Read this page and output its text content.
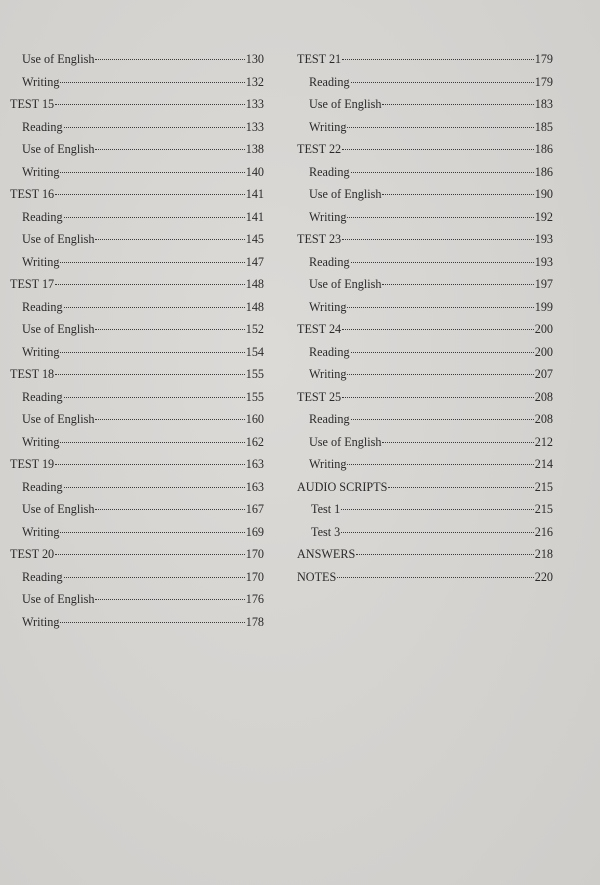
Use of English	130
Writing	132
TEST 15	133
Reading	133
Use of English	138
Writing	140
TEST 16	141
Reading	141
Use of English	145
Writing	147
TEST 17	148
Reading	148
Use of English	152
Writing	154
TEST 18	155
Reading	155
Use of English	160
Writing	162
TEST 19	163
Reading	163
Use of English	167
Writing	169
TEST 20	170
Reading	170
Use of English	176
Writing	178
TEST 21	179
Reading	179
Use of English	183
Writing	185
TEST 22	186
Reading	186
Use of English	190
Writing	192
TEST 23	193
Reading	193
Use of English	197
Writing	199
TEST 24	200
Reading	200
Writing	207
TEST 25	208
Reading	208
Use of English	212
Writing	214
AUDIO SCRIPTS	215
Test 1	215
Test 3	216
ANSWERS	218
NOTES	220
